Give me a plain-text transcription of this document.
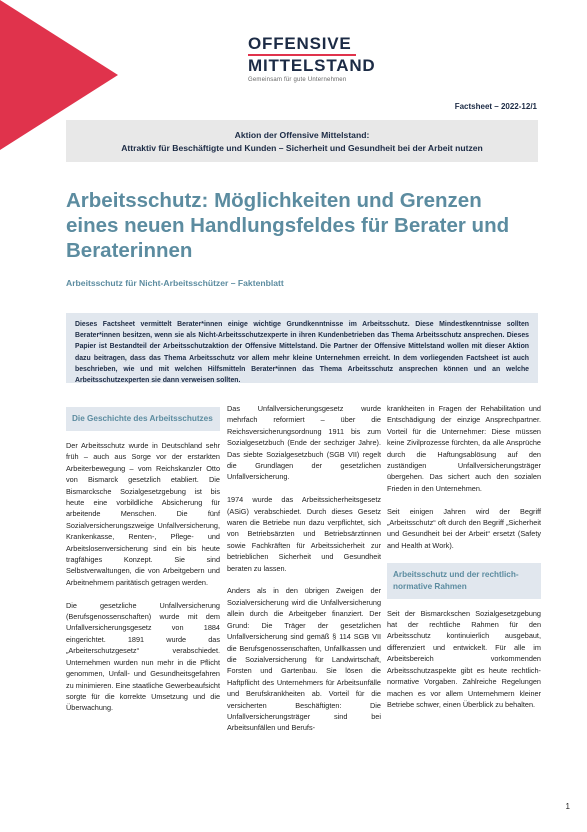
OFFENSIVE
MITTELSTAND
Gemeinsam für gute Unternehmen
Factsheet – 2022-12/1
Aktion der Offensive Mittelstand:
Attraktiv für Beschäftigte und Kunden – Sicherheit und Gesundheit bei der Arbeit nutzen
Arbeitsschutz: Möglichkeiten und Grenzen eines neuen Handlungsfeldes für Berater und Beraterinnen
Arbeitsschutz für Nicht-Arbeitsschützer – Faktenblatt
Dieses Factsheet vermittelt Berater*innen einige wichtige Grundkenntnisse im Arbeitsschutz. Diese Mindestkenntnisse sollten Berater*innen besitzen, wenn sie als Nicht-Arbeitsschutzexperte in ihren Kundenbetrieben das Thema Arbeitsschutz ansprechen. Dieses Papier ist Bestandteil der Arbeitsschutzaktion der Offensive Mittelstand. Die Partner der Offensive Mittelstand wollen mit dieser Aktion dazu beitragen, dass das Thema Arbeitsschutz vor allem mehr kleine Unternehmen erreicht. In dem vorliegenden Factsheet ist auch beschrieben, wie und mit welchen Hilfsmitteln Berater*innen das Thema Arbeitsschutz ansprechen können und an welche Arbeitsschutzexperten sie dann verweisen sollten.
Die Geschichte des Arbeitsschutzes

Der Arbeitsschutz wurde in Deutschland sehr früh – auch aus Sorge vor der erstarkten Arbeiterbewegung – vom Reichskanzler Otto von Bismarck gesetzlich etabliert. Die Bismarcksche Sozialgesetzgebung ist bis heute eine vorbildliche Absicherung für arbeitende Menschen. Die fünf Sozialversicherungszweige Unfallversicherung, Krankenkasse, Renten-, Pflege- und Arbeitslosenversicherung sind ein bis heute tragfähiges Konzept. Sie sind Selbstverwaltungen, die von Arbeitgebern und Arbeitnehmern paritätisch getragen werden.

Die gesetzliche Unfallversicherung (Berufsgenossenschaften) wurde mit dem Unfallversicherungsgesetz von 1884 eingerichtet. 1891 wurde das „Arbeiterschutzgesetz“ verabschiedet. Unternehmen wurden nun mehr in die Pflicht genommen, Unfall- und Gesundheitsgefahren zu minimieren. Eine staatliche Gewerbeaufsicht sorgte für die korrekte Umsetzung und die Überwachung.

Das Unfallversicherungsgesetz wurde mehrfach reformiert – über die Reichsversicherungsordnung 1911 bis zum Sozialgesetzbuch (Ende der sechziger Jahre). Das siebte Sozialgesetzbuch (SGB VII) regelt die Grundlagen der gesetzlichen Unfallversicherung.

1974 wurde das Arbeitssicherheitsgesetz (ASiG) verabschiedet. Durch dieses Gesetz waren die Betriebe nun dazu verpflichtet, sich von Betriebsärzten und Betriebsärztinnen sowie Fachkräften für Arbeitssicherheit zur betrieblichen Sicherheit und Gesundheit beraten zu lassen.

Anders als in den übrigen Zweigen der Sozialversicherung wird die Unfallversicherung allein durch die Arbeitgeber finanziert. Der Grund: Die Träger der gesetzlichen Unfallversicherung sind gemäß § 114 SGB VII die Berufsgenossenschaften, Unfallkassen und die Sozialversicherung für Landwirtschaft, Forsten und Gartenbau. Sie lösen die Haftpflicht des Unternehmers für Arbeitsunfälle und Berufskrankheiten ab. Vorteil für die versicherten Beschäftigten: Die Unfallversicherungsträger sind bei Arbeitsunfällen und Berufs-

krankheiten in Fragen der Rehabilitation und Entschädigung der einzige Ansprechpartner. Vorteil für die Unternehmer: Diese müssen keine Zivilprozesse fürchten, da alle Ansprüche durch die Haftungsablösung auf den zuständigen Unfallversicherungsträger übergehen. Das sichert auch den sozialen Frieden in den Unternehmen.

Seit einigen Jahren wird der Begriff „Arbeitsschutz“ oft durch den Begriff „Sicherheit und Gesundheit bei der Arbeit“ ersetzt (Safety and Health at Work).

Arbeitsschutz und der rechtlich-normative Rahmen

Seit der Bismarckschen Sozialgesetzgebung hat der rechtliche Rahmen für den Arbeitsschutz kontinuierlich ausgebaut, differenziert und entwickelt. Für alle im Arbeitsbereich vorkommenden Arbeitsschutzaspekte gibt es heute rechtlich-normative Vorgaben. Zahlreiche Regelungen machen es vor allem Unternehmern kleiner Betriebe schwer, einen Überblick zu behalten.

1
